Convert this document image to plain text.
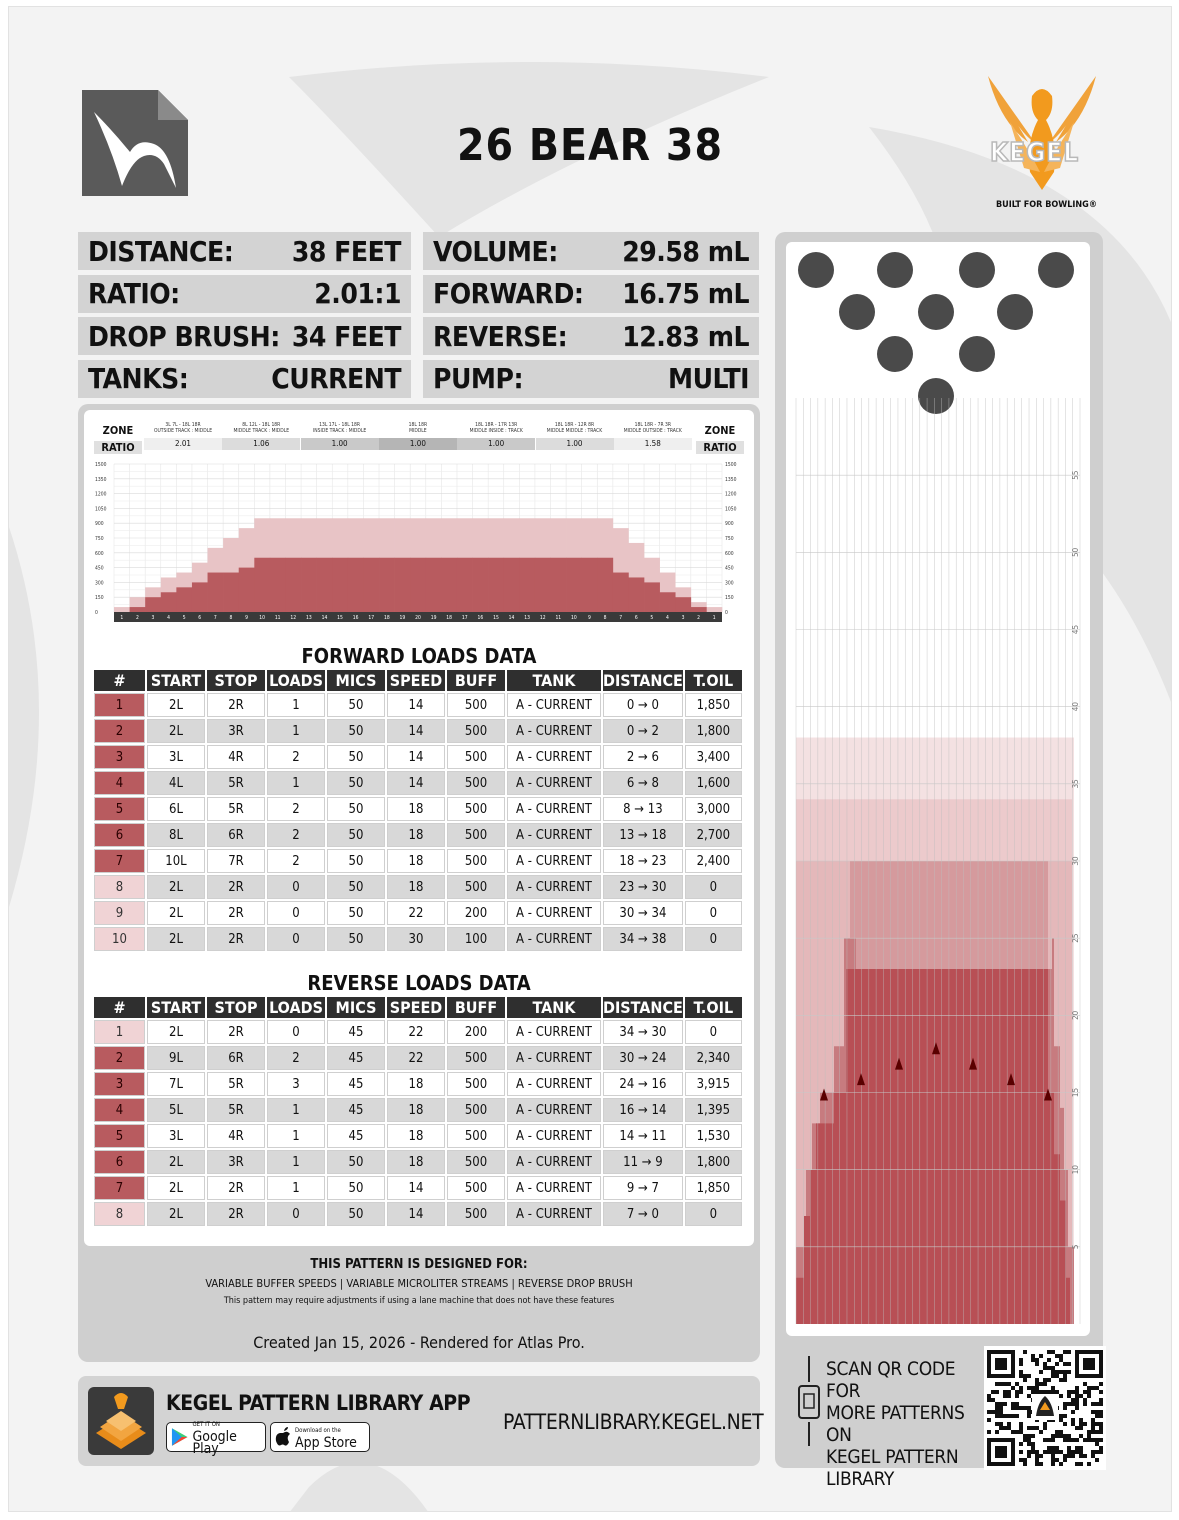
26 BEAR 38	KEGEL
BUILT FOR BOWLING®
DISTANCE: 38 FEET
RATIO:	2.01:1
DROP BRUSH: 34 FEET
TANKS:	CURRENT
VOLUME: 29.58 mL
FORWARD: 16.75 mL
REVERSE: 12.83 mL
PUMP:	MULTI
ZONE
RATIO
ZONE
RATIO
3L 7L - 18L 18R
OUTSIDE TRACK : MIDDLE
2.01
8L 12L - 18L 18R
MIDDLE TRACK : MIDDLE
1.06
13L 17L - 18L 18R
INSIDE TRACK : MIDDLE
1.00
18L 18R
MIDDLE
1.00
18L 18R - 17R 13R
MIDDLE INSIDE : TRACK
1.00
18L 18R - 12R 8R
MIDDLE MIDDLE : TRACK
1.00
18L 18R - 7R 3R
MIDDLE OUTSIDE : TRACK
1.58
1500	1500
1350	1350
1200	1200
1050	1050
900	900
750	750
600	600
450	450
300	300
150	150
0	0
1	2	3	4	5	6	7	8	9 10 11 12 13 14 15 16 17 18 19 20 19 18 17 16 15 14 13 12 11 10 9	8	7	6	5	4	3	2	1
FORWARD LOADS DATA
#	START	STOP	LOADS	MICS	SPEED	BUFF	TANK	DISTANCE	T.OIL
1	2L	2R	1	50	14	500	A - CURRENT	0 → 0	1,850
2	2L	3R	1	50	14	500	A - CURRENT	0 → 2	1,800
3	3L	4R	2	50	14	500	A - CURRENT	2 → 6	3,400
4	4L	5R	1	50	14	500	A - CURRENT	6 → 8	1,600
5	6L	5R	2	50	18	500	A - CURRENT	8 → 13	3,000
6	8L	6R	2	50	18	500	A - CURRENT	13 → 18	2,700
7	10L	7R	2	50	18	500	A - CURRENT	18 → 23	2,400
8	2L	2R	0	50	18	500	A - CURRENT	23 → 30	0
9	2L	2R	0	50	22	200	A - CURRENT	30 → 34	0
10	2L	2R	0	50	30	100	A - CURRENT	34 → 38	0
REVERSE LOADS DATA
#	START	STOP	LOADS	MICS	SPEED	BUFF	TANK	DISTANCE	T.OIL
1	2L	2R	0	45	22	200	A - CURRENT	34 → 30	0
2	9L	6R	2	45	22	500	A - CURRENT	30 → 24	2,340
3	7L	5R	3	45	18	500	A - CURRENT	24 → 16	3,915
4	5L	5R	1	45	18	500	A - CURRENT	16 → 14	1,395
5	3L	4R	1	45	18	500	A - CURRENT	14 → 11	1,530
6	2L	3R	1	50	18	500	A - CURRENT	11 → 9	1,800
7	2L	2R	1	50	14	500	A - CURRENT	9 → 7	1,850
8	2L	2R	0	50	14	500	A - CURRENT	7 → 0	0
THIS PATTERN IS DESIGNED FOR:
VARIABLE BUFFER SPEEDS | VARIABLE MICROLITER STREAMS | REVERSE DROP BRUSH
This pattern may require adjustments if using a lane machine that does not have these features
Created Jan 15, 2026 - Rendered for Atlas Pro.
KEGEL PATTERN LIBRARY APP
GET IT ON
Google Play
Download on the
App Store
PATTERNLIBRARY.KEGEL.NET
55
50
45
40
35
30
25
20
15
10
5
SCAN QR CODE FOR
MORE PATTERNS ON
KEGEL PATTERN
LIBRARY
